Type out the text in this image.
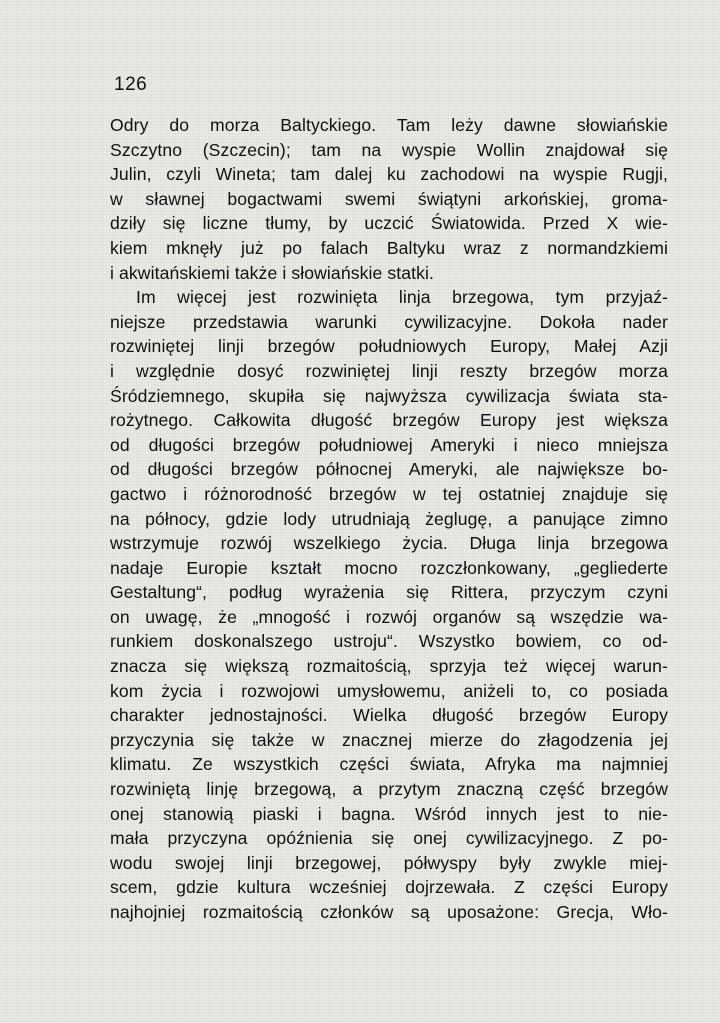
126
Odry do morza Baltyckiego. Tam leży dawne słowiańskie
Szczytno (Szczecin); tam na wyspie Wollin znajdował się
Julin, czyli Wineta; tam dalej ku zachodowi na wyspie Rugji,
w sławnej bogactwami swemi świątyni arkońskiej, groma-
dziły się liczne tłumy, by uczcić Światowida. Przed X wie-
kiem mknęły już po falach Baltyku wraz z normandzkiemi
i akwitańskiemi także i słowiańskie statki.
Im więcej jest rozwinięta linja brzegowa, tym przyjaź-
niejsze przedstawia warunki cywilizacyjne. Dokoła nader
rozwiniętej linji brzegów południowych Europy, Małej Azji
i względnie dosyć rozwiniętej linji reszty brzegów morza
Śródziemnego, skupiła się najwyższa cywilizacja świata sta-
rożytnego. Całkowita długość brzegów Europy jest większa
od długości brzegów południowej Ameryki i nieco mniejsza
od długości brzegów północnej Ameryki, ale największe bo-
gactwo i różnorodność brzegów w tej ostatniej znajduje się
na północy, gdzie lody utrudniają żeglugę, a panujące zimno
wstrzymuje rozwój wszelkiego życia. Długa linja brzegowa
nadaje Europie kształt mocno rozczłonkowany, „gegliederte
Gestaltung“, podług wyrażenia się Rittera, przyczym czyni
on uwagę, że „mnogość i rozwój organów są wszędzie wa-
runkiem doskonalszego ustroju“. Wszystko bowiem, co od-
znacza się większą rozmaitością, sprzyja też więcej warun-
kom życia i rozwojowi umysłowemu, aniżeli to, co posiada
charakter jednostajności. Wielka długość brzegów Europy
przyczynia się także w znacznej mierze do złagodzenia jej
klimatu. Ze wszystkich części świata, Afryka ma najmniej
rozwiniętą linję brzegową, a przytym znaczną część brzegów
onej stanowią piaski i bagna. Wśród innych jest to nie-
mała przyczyna opóźnienia się onej cywilizacyjnego. Z po-
wodu swojej linji brzegowej, półwyspy były zwykle miej-
scem, gdzie kultura wcześniej dojrzewała. Z części Europy
najhojniej rozmaitością członków są uposażone: Grecja, Wło-
